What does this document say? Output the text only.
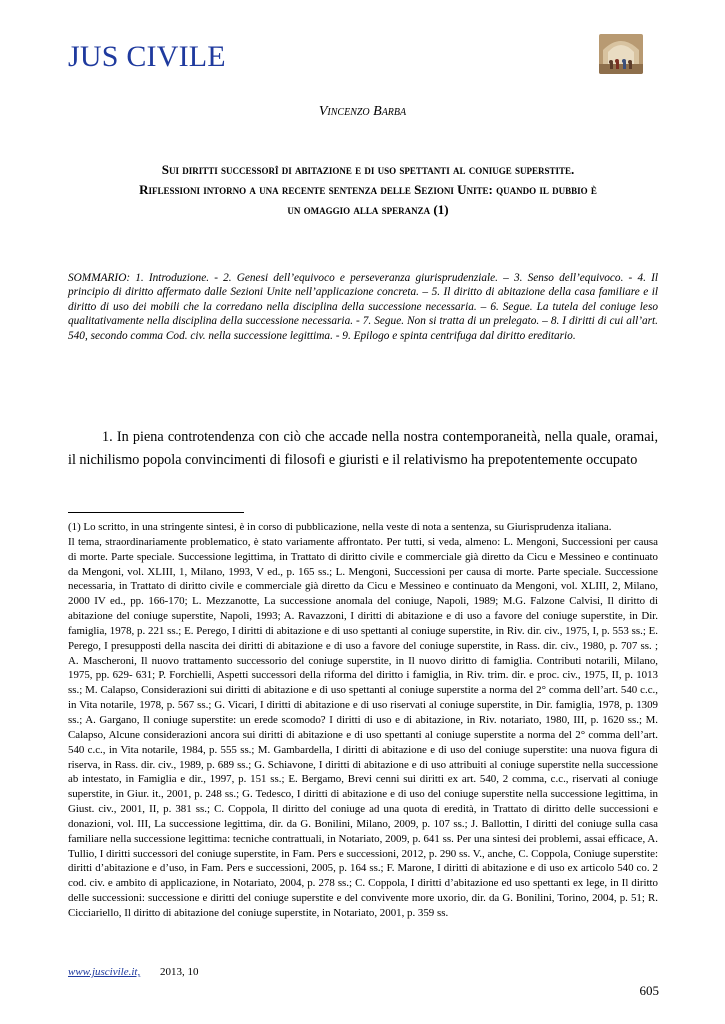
JUS CIVILE
Vincenzo Barba
Sui diritti successorî di abitazione e di uso spettanti al coniuge superstite.
Riflessioni intorno a una recente sentenza delle Sezioni Unite: quando il dubbio è
un omaggio alla speranza (1)

SOMMARIO: 1. Introduzione. - 2. Genesi dell’equivoco e perseveranza giurisprudenziale. – 3. Senso dell’equivoco. - 4. Il principio di diritto affermato dalle Sezioni Unite nell’applicazione concreta. – 5. Il diritto di abitazione della casa familiare e il diritto di uso dei mobili che la corredano nella disciplina della successione necessaria. – 6. Segue. La tutela del coniuge leso qualitativamente nella disciplina della successione necessaria. - 7. Segue. Non si tratta di un prelegato. – 8. I diritti di cui all’art. 540, secondo comma Cod. civ. nella successione legittima. - 9. Epilogo e spinta centrifuga dal diritto ereditario.

1. In piena controtendenza con ciò che accade nella nostra contemporaneità, nella quale, oramai, il nichilismo popola convincimenti di filosofi e giuristi e il relativismo ha prepotentemente occupato

(1) Lo scritto, in una stringente sintesi, è in corso di pubblicazione, nella veste di nota a sentenza, su Giurisprudenza italiana.

Il tema, straordinariamente problematico, è stato variamente affrontato. Per tutti, si veda, almeno: L. Mengoni, Successioni per causa di morte. Parte speciale. Successione legittima, in Trattato di diritto civile e commerciale già diretto da Cicu e Messineo e continuato da Mengoni, vol. XLIII, 1, Milano, 1993, V ed., p. 165 ss.; L. Mengoni, Successioni per causa di morte. Parte speciale. Successione necessaria, in Trattato di diritto civile e commerciale già diretto da Cicu e Messineo e continuato da Mengoni, vol. XLIII, 2, Milano, 2000 IV ed., pp. 166-170; L. Mezzanotte, La successione anomala del coniuge, Napoli, 1989; M.G. Falzone Calvisi, Il diritto di abitazione del coniuge superstite, Napoli, 1993; A. Ravazzoni, I diritti di abitazione e di uso a favore del coniuge superstite, in Dir. famiglia, 1978, p. 221 ss.; E. Perego, I diritti di abitazione e di uso spettanti al coniuge superstite, in Riv. dir. civ., 1975, I, p. 553 ss.; E. Perego, I presupposti della nascita dei diritti di abitazione e di uso a favore del coniuge superstite, in Rass. dir. civ., 1980, p. 707 ss. ; A. Mascheroni, Il nuovo trattamento successorio del coniuge superstite, in Il nuovo diritto di famiglia. Contributi notarili, Milano, 1975, pp. 629- 631; P. Forchielli, Aspetti successori della riforma del diritto i famiglia, in Riv. trim. dir. e proc. civ., 1975, II, p. 1013 ss.; M. Calapso, Considerazioni sui diritti di abitazione e di uso spettanti al coniuge superstite a norma del 2° comma dell’art. 540 c.c., in Vita notarile, 1978, p. 567 ss.; G. Vicari, I diritti di abitazione e di uso riservati al coniuge superstite, in Dir. famiglia, 1978, p. 1309 ss.; A. Gargano, Il coniuge superstite: un erede scomodo? I diritti di uso e di abitazione, in Riv. notariato, 1980, III, p. 1620 ss.; M. Calapso, Alcune considerazioni ancora sui diritti di abitazione e di uso spettanti al coniuge superstite a norma del 2° comma dell’art. 540 c.c., in Vita notarile, 1984, p. 555 ss.; M. Gambardella, I diritti di abitazione e di uso del coniuge superstite: una nuova figura di riserva, in Rass. dir. civ., 1989, p. 689 ss.; G. Schiavone, I diritti di abitazione e di uso attribuiti al coniuge superstite nella successione ab intestato, in Famiglia e dir., 1997, p. 151 ss.; E. Bergamo, Brevi cenni sui diritti ex art. 540, 2 comma, c.c., riservati al coniuge superstite, in Giur. it., 2001, p. 248 ss.; G. Tedesco, I diritti di abitazione e di uso del coniuge superstite nella successione legittima, in Giust. civ., 2001, II, p. 381 ss.; C. Coppola, Il diritto del coniuge ad una quota di eredità, in Trattato di diritto delle successioni e donazioni, vol. III, La successione legittima, dir. da G. Bonilini, Milano, 2009, p. 107 ss.; J. Ballottin, I diritti del coniuge sulla casa familiare nella successione legittima: tecniche contrattuali, in Notariato, 2009, p. 641 ss. Per una sintesi dei problemi, assai efficace, A. Tullio, I diritti successori del coniuge superstite, in Fam. Pers e successioni, 2012, p. 290 ss. V., anche, C. Coppola, Coniuge superstite: diritti d’abitazione e d’uso, in Fam. Pers e successioni, 2005, p. 164 ss.; F. Marone, I diritti di abitazione e di uso ex articolo 540 co. 2 cod. civ. e ambito di applicazione, in Notariato, 2004, p. 278 ss.; C. Coppola, I diritti d’abitazione ed uso spettanti ex lege, in Il diritto delle successioni: successione e diritti del coniuge superstite e del convivente more uxorio, dir. da G. Bonilini, Torino, 2004, p. 51; R. Cicciariello, Il diritto di abitazione del coniuge superstite, in Notariato, 2001, p. 359 ss.

www.juscivile.it, 2013, 10
605
